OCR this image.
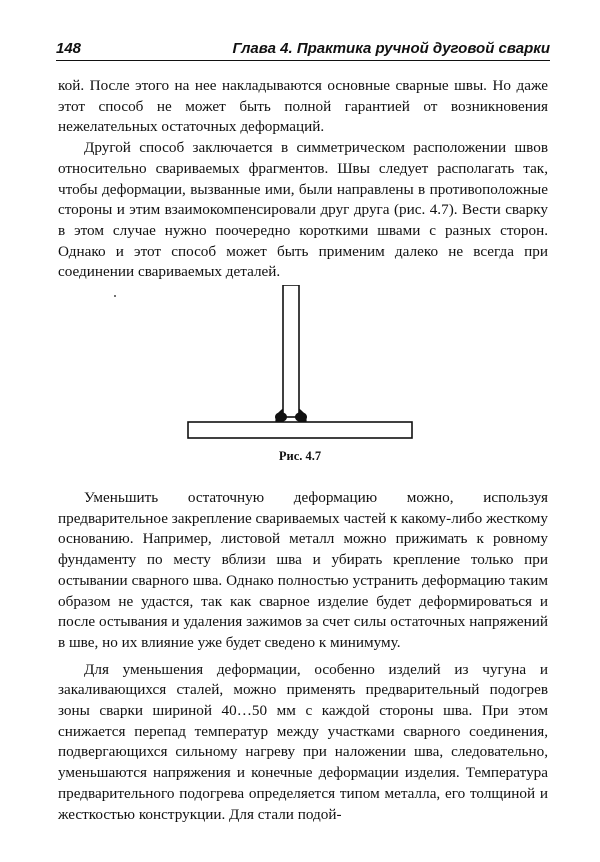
148	Глава 4. Практика ручной дуговой сварки

кой. После этого на нее накладываются основные сварные швы. Но даже этот способ не может быть полной гарантией от возникновения нежелательных остаточных деформаций.

Другой способ заключается в симметрическом расположении швов относительно свариваемых фрагментов. Швы следует располагать так, чтобы деформации, вызванные ими, были направлены в противоположные стороны и этим взаимокомпенсировали друг друга (рис. 4.7). Вести сварку в этом случае нужно поочередно короткими швами с разных сторон. Однако и этот способ может быть применим далеко не всегда при соединении свариваемых деталей.

Рис. 4.7

Уменьшить остаточную деформацию можно, используя предварительное закрепление свариваемых частей к какому-либо жесткому основанию. Например, листовой металл можно прижимать к ровному фундаменту по месту вблизи шва и убирать крепление только при остывании сварного шва. Однако полностью устранить деформацию таким образом не удастся, так как сварное изделие будет деформироваться и после остывания и удаления зажимов за счет силы остаточных напряжений в шве, но их влияние уже будет сведено к минимуму.

Для уменьшения деформации, особенно изделий из чугуна и закаливающихся сталей, можно применять предварительный подогрев зоны сварки шириной 40…50 мм с каждой стороны шва. При этом снижается перепад температур между участками сварного соединения, подвергающихся сильному нагреву при наложении шва, следовательно, уменьшаются напряжения и конечные деформации изделия. Температура предварительного подогрева определяется типом металла, его толщиной и жесткостью конструкции. Для стали подой-
